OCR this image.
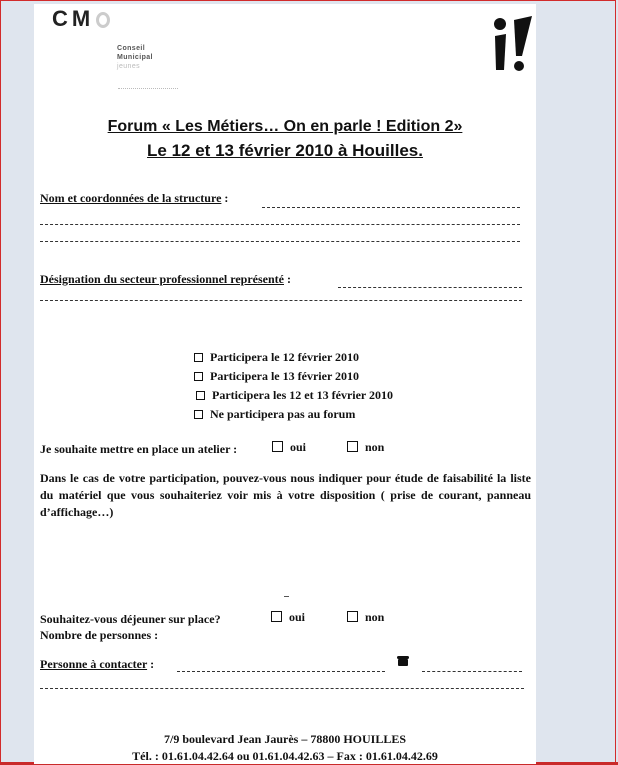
CM
Conseil
Municipal
jeunes
Forum « Les Métiers… On en parle ! Edition 2»
Le 12 et 13 février 2010 à Houilles.
Nom et coordonnées de la structure :
Désignation du secteur professionnel représenté :
Participera le 12 février 2010
Participera le 13 février 2010
Participera les 12 et 13 février 2010
Ne participera pas au forum
Je souhaite mettre en place un atelier :	oui	non
Dans le cas de votre participation, pouvez-vous nous indiquer pour étude de faisabilité la liste du matériel que vous souhaiteriez voir mis à votre disposition ( prise de courant, panneau d’affichage…)
Souhaitez-vous déjeuner sur place?	oui	non
Nombre de personnes :
Personne à contacter :
7/9 boulevard Jean Jaurès – 78800 HOUILLES
Tél. : 01.61.04.42.64 ou 01.61.04.42.63 – Fax : 01.61.04.42.69
